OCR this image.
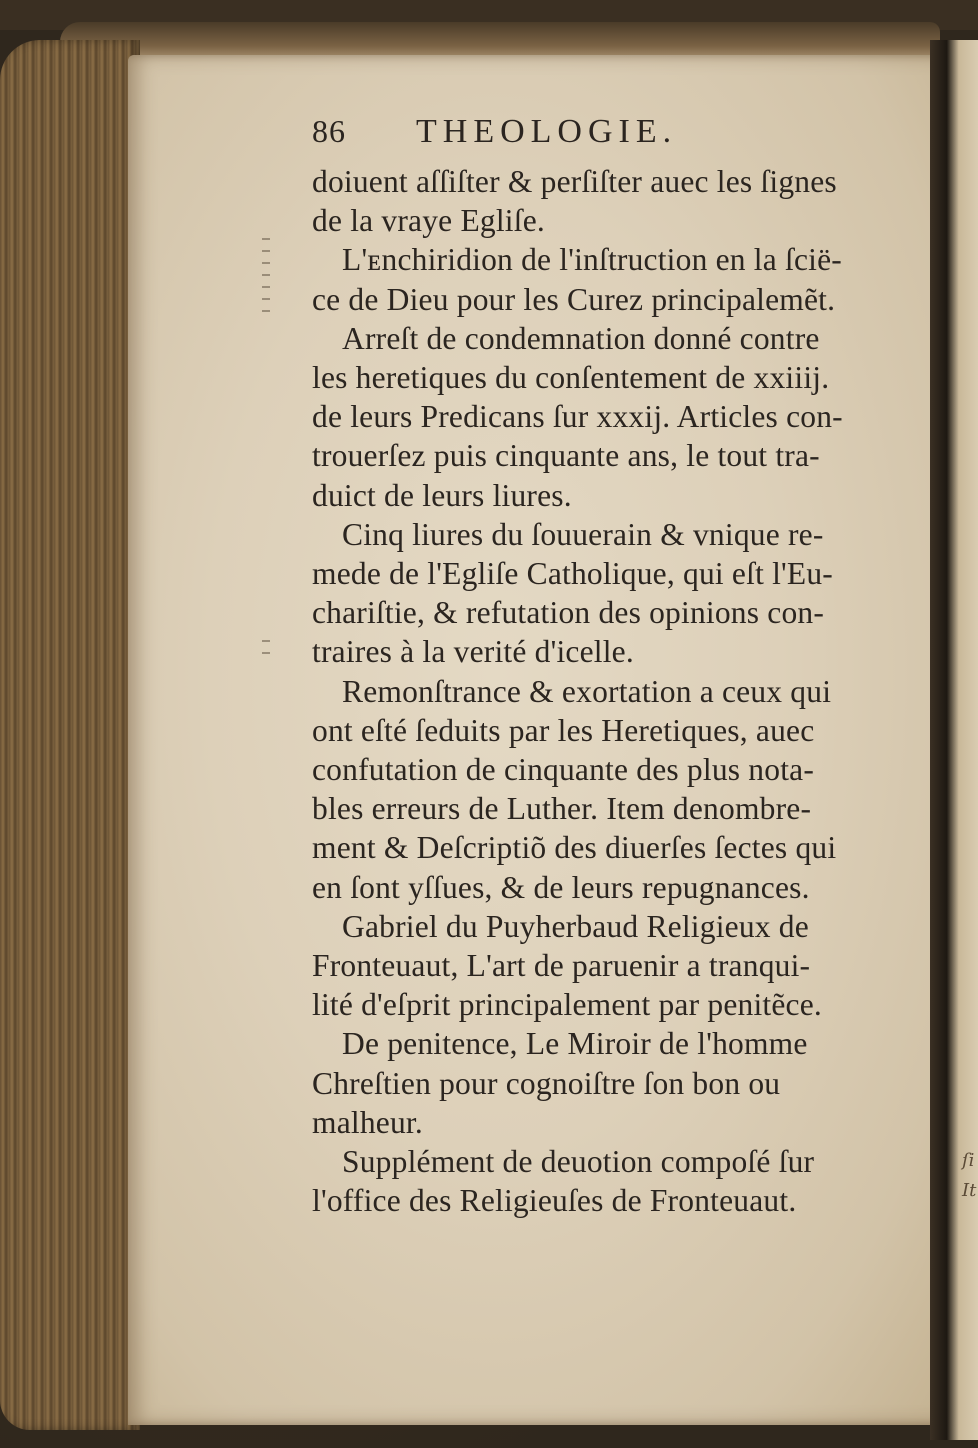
ſi
It
86	THEOLOGIE.

doiuent aſſiſter & perſiſter auec les ſignes
de la vraye Egliſe.

L'ᴇnchiridion de l'inſtruction en la ſcië-
ce de Dieu pour les Curez principalemẽt.

Arreſt de condemnation donné contre
les heretiques du conſentement de xxiiij.
de leurs Predicans ſur xxxij. Articles con-
trouerſez puis cinquante ans, le tout tra-
duict de leurs liures.

Cinq liures du ſouuerain & vnique re-
mede de l'Egliſe Catholique, qui eſt l'Eu-
chariſtie, & refutation des opinions con-
traires à la verité d'icelle.

Remonſtrance & exortation a ceux qui
ont eſté ſeduits par les Heretiques, auec
confutation de cinquante des plus nota-
bles erreurs de Luther. Item denombre-
ment & Deſcriptiõ des diuerſes ſectes qui
en ſont yſſues, & de leurs repugnances.

Gabriel du Puyherbaud Religieux de
Fronteuaut, L'art de paruenir a tranqui-
lité d'eſprit principalement par penitẽce.

De penitence, Le Miroir de l'homme
Chreſtien pour cognoiſtre ſon bon ou
malheur.

Supplément de deuotion compoſé ſur
l'office des Religieuſes de Fronteuaut.
